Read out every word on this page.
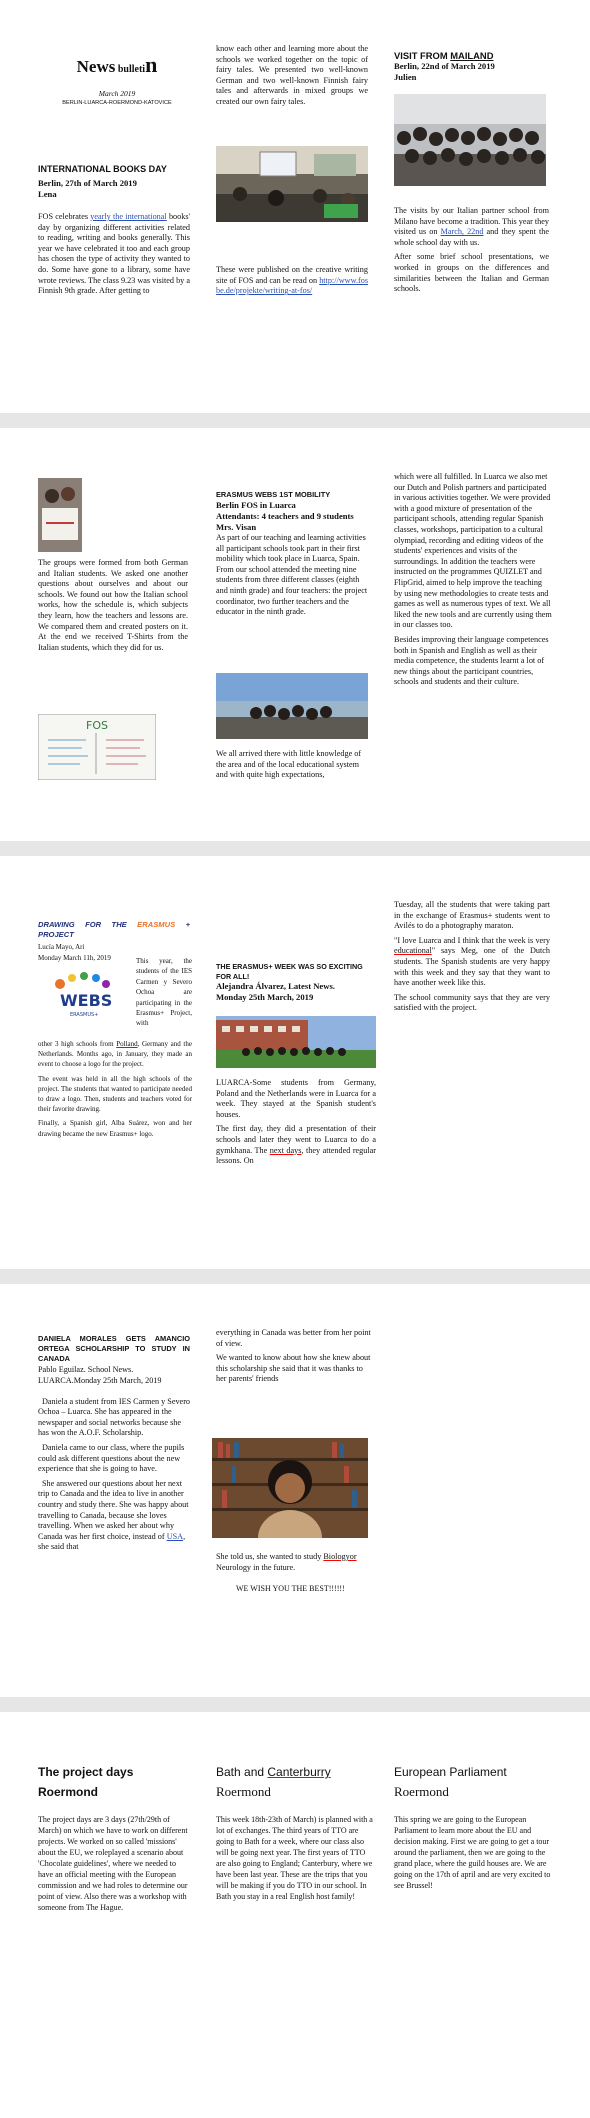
News bulletin
March 2019
BERLIN-LUARCA-ROERMOND-KATOVICE
INTERNATIONAL BOOKS DAY
Berlin, 27th of March 2019
Lena

FOS celebrates yearly the international books' day by organizing different activities related to reading, writing and books generally. This year we have celebrated it too and each group has chosen the type of activity they wanted to do. Some have gone to a library, some have wrote reviews. The class 9.23 was visited by a Finnish 9th grade. After getting to

know each other and learning more about the schools we worked together on the topic of fairy tales. We presented two well-known German and two well-known Finnish fairy tales and afterwards in mixed groups we created our own fairy tales.

These were published on the creative writing site of FOS and can be read on http://www.fosbe.de/projekte/writing-at-fos/

VISIT FROM MAILAND
Berlin, 22nd of March 2019
Julien

The visits by our Italian partner school from Milano have become a tradition. This year they visited us on March, 22nd and they spent the whole school day with us.

After some brief school presentations, we worked in groups on the differences and similarities between the Italian and German schools.

The groups were formed from both German and Italian students. We asked one another questions about ourselves and about our schools. We found out how the Italian school works, how the schedule is, which subjects they learn, how the teachers and lessons are. We compared them and created posters on it. At the end we received T-Shirts from the Italian students, which they did for us.

FOS
ERASMUS WEBS 1ST MOBILITY
Berlin FOS in Luarca
Attendants: 4 teachers and 9 students
Mrs. Visan

As part of our teaching and learning activities all participant schools took part in their first mobility which took place in Luarca, Spain. From our school attended the meeting nine students from three different classes (eighth and ninth grade) and four teachers: the project coordinator, two further teachers and the educator in the ninth grade.

We all arrived there with little knowledge of the area and of the local educational system and with quite high expectations,

which were all fulfilled. In Luarca we also met our Dutch and Polish partners and participated in various activities together. We were provided with a good mixture of presentation of the participant schools, attending regular Spanish classes, workshops, participation to a cultural olympiad, recording and editing videos of the students' experiences and visits of the surroundings. In addition the teachers were instructed on the programmes QUIZLET and FlipGrid, aimed to help improve the teaching by using new methodologies to create tests and games as well as numerous types of text. We all liked the new tools and are currently using them in our classes too.

Besides improving their language competences both in Spanish and English as well as their media competence, the students learnt a lot of new things about the participant countries, schools and students and their culture.

DRAWING FOR THE ERASMUS + PROJECT
Lucía Mayo, Ari
Monday March 11h, 2019
WEBS
ERASMUS+

This year, the students of the IES Carmen y Severo Ochoa are participating in the Erasmus+ Project, with

other 3 high schools from Polland, Germany and the Netherlands. Months ago, in January, they made an event to choose a logo for the project.

The event was held in all the high schools of the project. The students that wanted to participate needed to draw a logo. Then, students and teachers voted for their favorite drawing.

Finally, a Spanish girl, Alba Suárez, won and her drawing became the new Erasmus+ logo.

THE ERASMUS+ WEEK WAS SO EXCITING FOR ALL!
Alejandra Álvarez, Latest News.
Monday 25th March, 2019

LUARCA-Some students from Germany, Poland and the Netherlands were in Luarca for a week. They stayed at the Spanish student's houses.

The first day, they did a presentation of their schools and later they went to Luarca to do a gymkhana. The next days, they attended regular lessons. On

Tuesday, all the students that were taking part in the exchange of Erasmus+ students went to Avilés to do a photography maraton.

"I love Luarca and I think that the week is very educational" says Meg, one of the Dutch students. The Spanish students are very happy with this week and they say that they want to have another week like this.

The school community says that they are very satisfied with the project.

DANIELA MORALES GETS AMANCIO ORTEGA SCHOLARSHIP TO STUDY IN CANADA
Pablo Eguilaz. School News.
LUARCA.Monday 25th March, 2019

Daniela a student from IES Carmen y Severo Ochoa – Luarca. She has appeared in the newspaper and social networks because she has won the A.O.F. Scholarship.

Daniela came to our class, where the pupils could ask different questions about the new experience that she is going to have.

She answered our questions about her next trip to Canada and the idea to live in another country and study there. She was happy about travelling to Canada, because she loves travelling. When we asked her about why Canada was her first choice, instead of USA, she said that

everything in Canada was better from her point of view.

We wanted to know about how she knew about this scholarship she said that it was thanks to her parents' friends

She told us, she wanted to study Biologyor Neurology in the future.

WE WISH YOU THE BEST!!!!!!
The project days
Roermond

The project days are 3 days (27th/29th of March) on which we have to work on different projects. We worked on so called 'missions' about the EU, we roleplayed a scenario about 'Chocolate guidelines', where we needed to have an official meeting with the European commission and we had roles to determine our point of view. Also there was a workshop with someone from The Hague.

Bath and Canterburry
Roermond

This week 18th-23th of March) is planned with a lot of exchanges. The third years of TTO are going to Bath for a week, where our class also will be going next year. The first years of TTO are also going to England; Canterbury, where we have been last year. These are the trips that you will be making if you do TTO in our school. In Bath you stay in a real English host family!

European Parliament
Roermond

This spring we are going to the European Parliament to learn more about the EU and decision making. First we are going to get a tour around the parliament, then we are going to the grand place, where the guild houses are. We are going on the 17th of april and are very excited to see Brussel!
